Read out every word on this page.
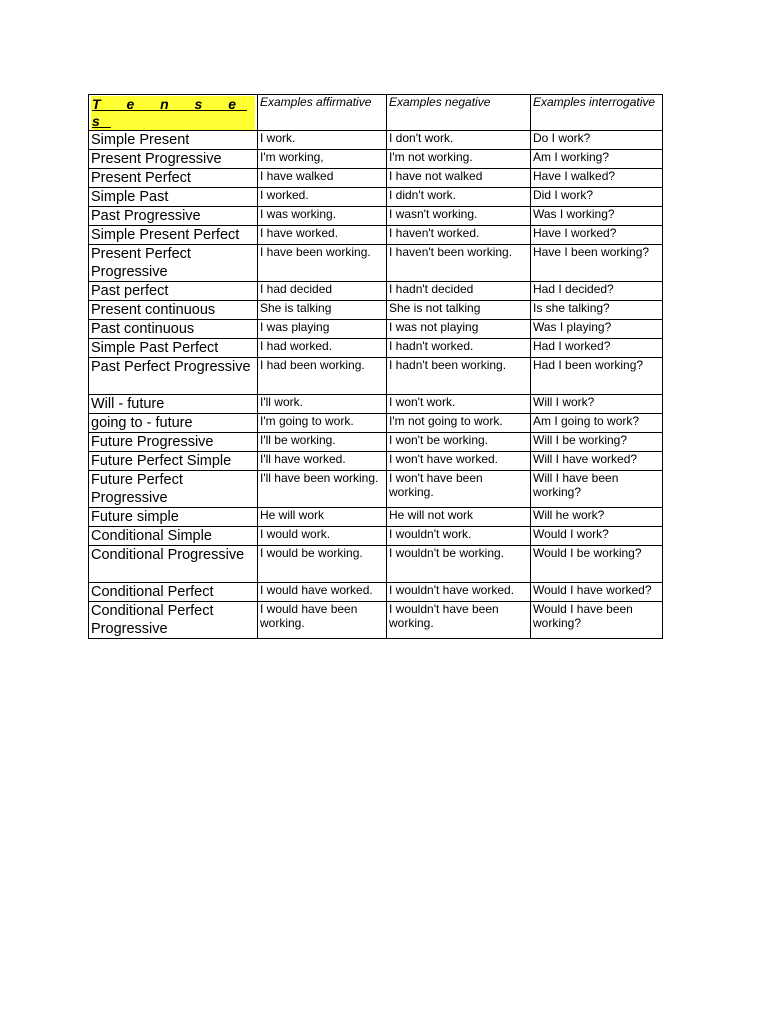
T e n s e s	Examples affirmative	Examples negative	Examples interrogative
Simple Present	I work.	I don't work.	Do I work?
Present Progressive	I'm working,	I'm not working.	Am I working?
Present Perfect	I have walked	I have not walked	Have I walked?
Simple Past	I worked.	I didn't work.	Did I work?
Past Progressive	I was working.	I wasn't working.	Was I working?
Simple Present Perfect	I have worked.	I haven't worked.	Have I worked?
Present Perfect Progressive	I have been working.	I haven't been working.	Have I been working?
Past perfect	I had decided	I hadn't decided	Had I decided?
Present continuous	She is talking	She is not talking	Is she talking?
Past continuous	I was playing	I was not playing	Was I playing?
Simple Past Perfect	I had worked.	I hadn't worked.	Had I worked?
Past Perfect Progressive	I had been working.	I hadn't been working.	Had I been working?
Will - future	I'll work.	I won't work.	Will I work?
going to - future	I'm going to work.	I'm not going to work.	Am I going to work?
Future Progressive	I'll be working.	I won't be working.	Will I be working?
Future Perfect Simple	I'll have worked.	I won't have worked.	Will I have worked?
Future Perfect Progressive	I'll have been working.	I won't have been working.	Will I have been working?
Future simple	He will work	He will not work	Will he work?
Conditional Simple	I would work.	I wouldn't work.	Would I work?
Conditional Progressive	I would be working.	I wouldn't be working.	Would I be working?
Conditional Perfect	I would have worked.	I wouldn't have worked.	Would I have worked?
Conditional Perfect Progressive	I would have been working.	I wouldn't have been working.	Would I have been working?
